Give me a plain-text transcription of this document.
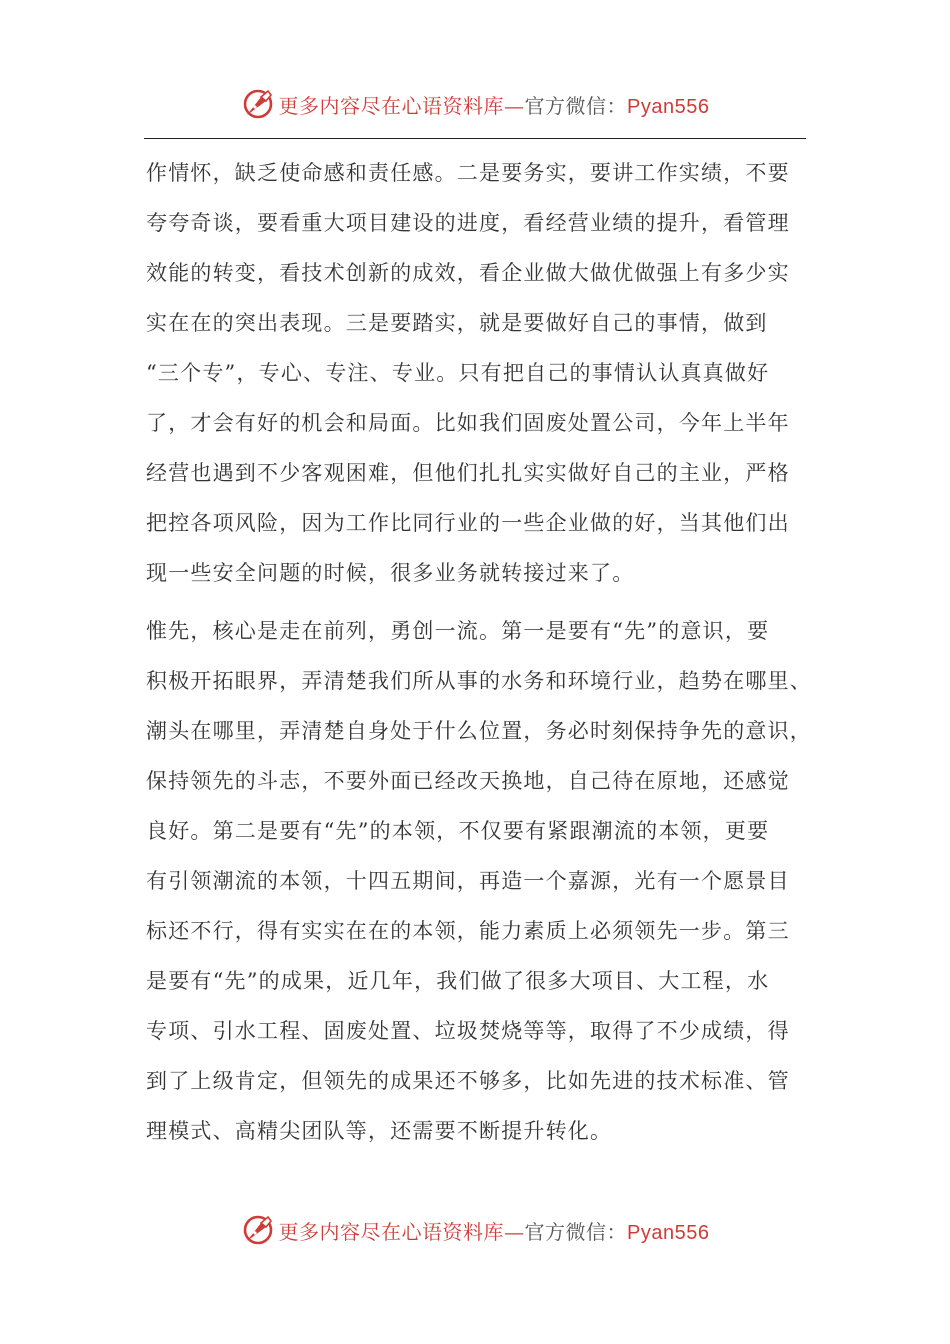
更多内容尽在心语资料库—官方微信：Pyan556
作情怀，缺乏使命感和责任感。二是要务实，要讲工作实绩，不要
夸夸奇谈，要看重大项目建设的进度，看经营业绩的提升，看管理
效能的转变，看技术创新的成效，看企业做大做优做强上有多少实
实在在的突出表现。三是要踏实，就是要做好自己的事情，做到
“三个专”，专心、专注、专业。只有把自己的事情认认真真做好
了，才会有好的机会和局面。比如我们固废处置公司，今年上半年
经营也遇到不少客观困难，但他们扎扎实实做好自己的主业，严格
把控各项风险，因为工作比同行业的一些企业做的好，当其他们出
现一些安全问题的时候，很多业务就转接过来了。
惟先，核心是走在前列，勇创一流。第一是要有“先”的意识，要
积极开拓眼界，弄清楚我们所从事的水务和环境行业，趋势在哪里、
潮头在哪里，弄清楚自身处于什么位置，务必时刻保持争先的意识，
保持领先的斗志，不要外面已经改天换地，自己待在原地，还感觉
良好。第二是要有“先”的本领，不仅要有紧跟潮流的本领，更要
有引领潮流的本领，十四五期间，再造一个嘉源，光有一个愿景目
标还不行，得有实实在在的本领，能力素质上必须领先一步。第三
是要有“先”的成果，近几年，我们做了很多大项目、大工程，水
专项、引水工程、固废处置、垃圾焚烧等等，取得了不少成绩，得
到了上级肯定，但领先的成果还不够多，比如先进的技术标准、管
理模式、高精尖团队等，还需要不断提升转化。
更多内容尽在心语资料库—官方微信：Pyan556
